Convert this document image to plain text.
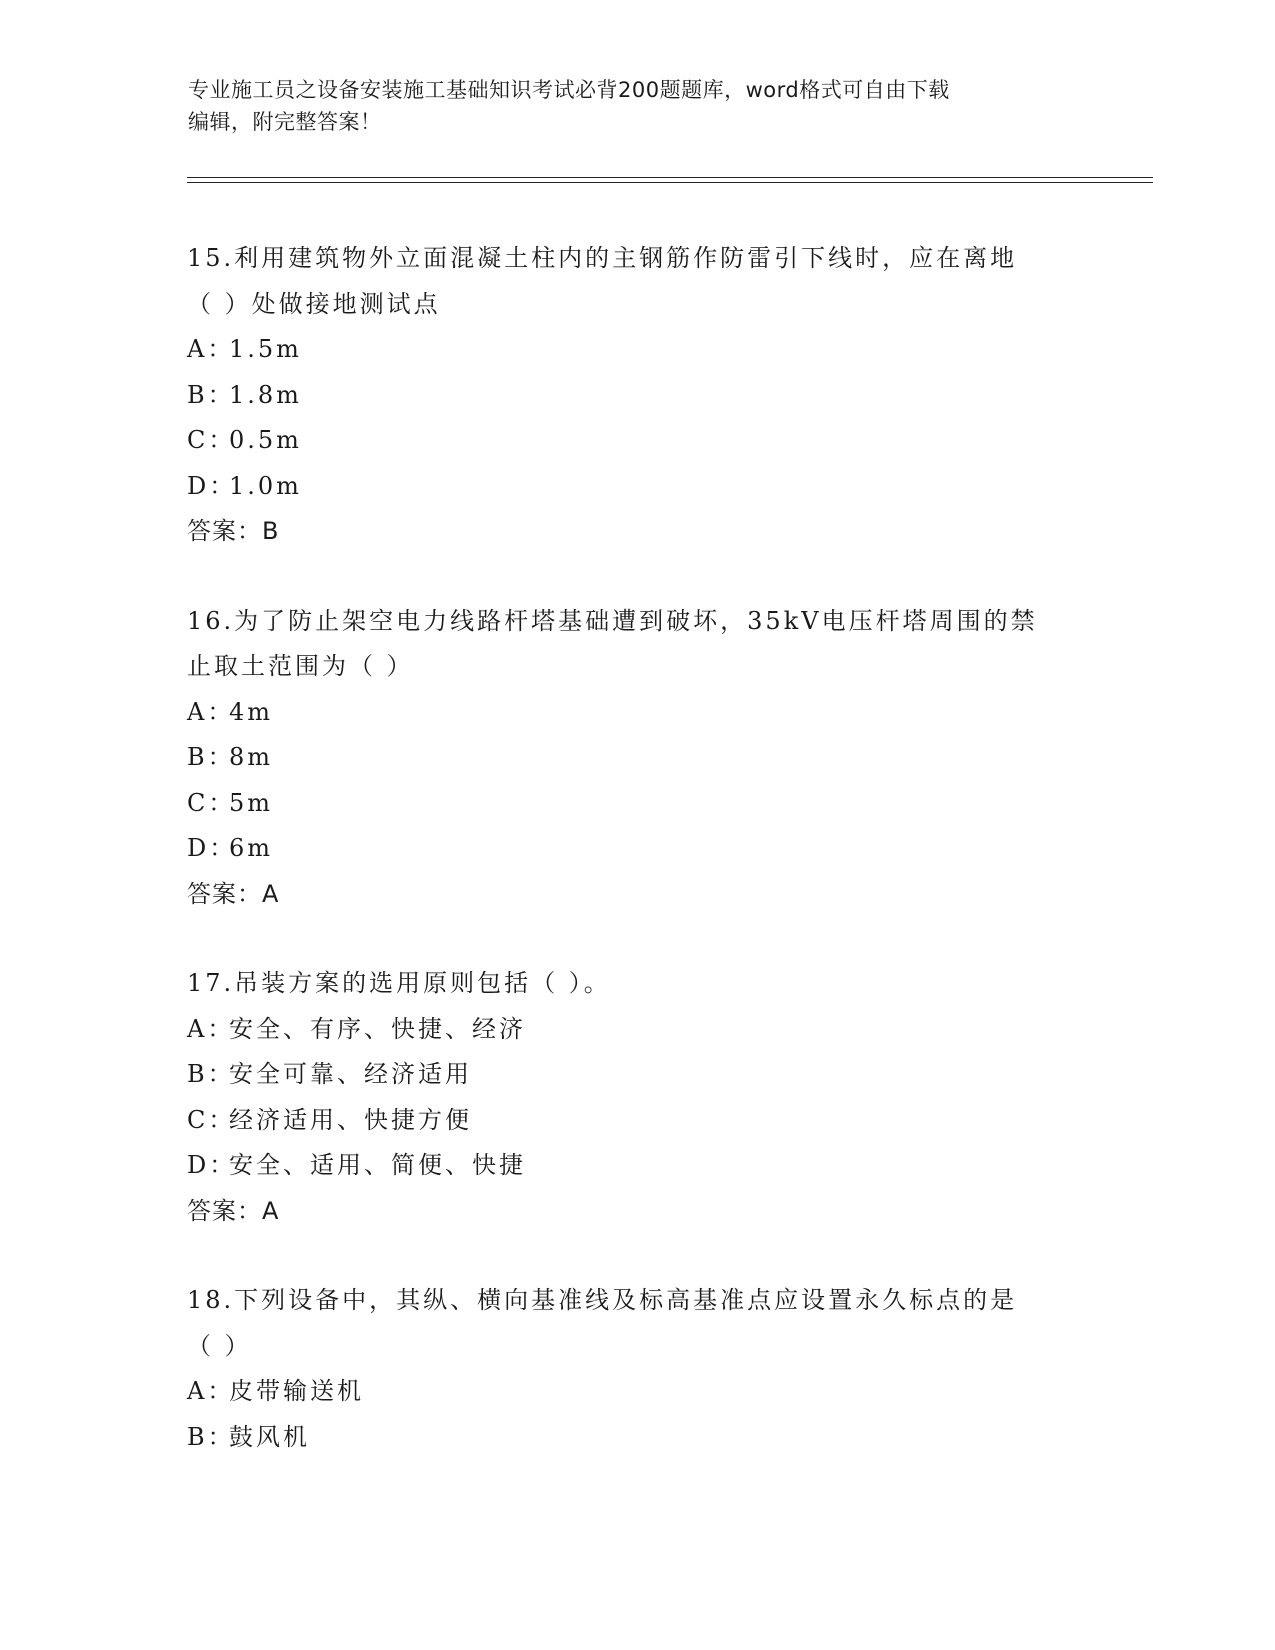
专业施工员之设备安装施工基础知识考试必背200题题库，word格式可自由下载
编辑，附完整答案！
15.利用建筑物外立面混凝土柱内的主钢筋作防雷引下线时，应在离地
（ ）处做接地测试点
A：
1.5m
B：
1.8m
C：
0.5m
D：
1.0m
答案：B
16.为了防止架空电力线路杆塔基础遭到破坏，35kV电压杆塔周围的禁
止取土范围为（ ）
A：
4m
B：
8m
C：
5m
D：
6m
答案：A
17.吊装方案的选用原则包括（ ）。
A：
安全、有序、快捷、经济
B：
安全可靠、经济适用
C：
经济适用、快捷方便
D：
安全、适用、简便、快捷
答案：A
18.下列设备中，其纵、横向基准线及标高基准点应设置永久标点的是
（ ）
A：
皮带输送机
B：
鼓风机
